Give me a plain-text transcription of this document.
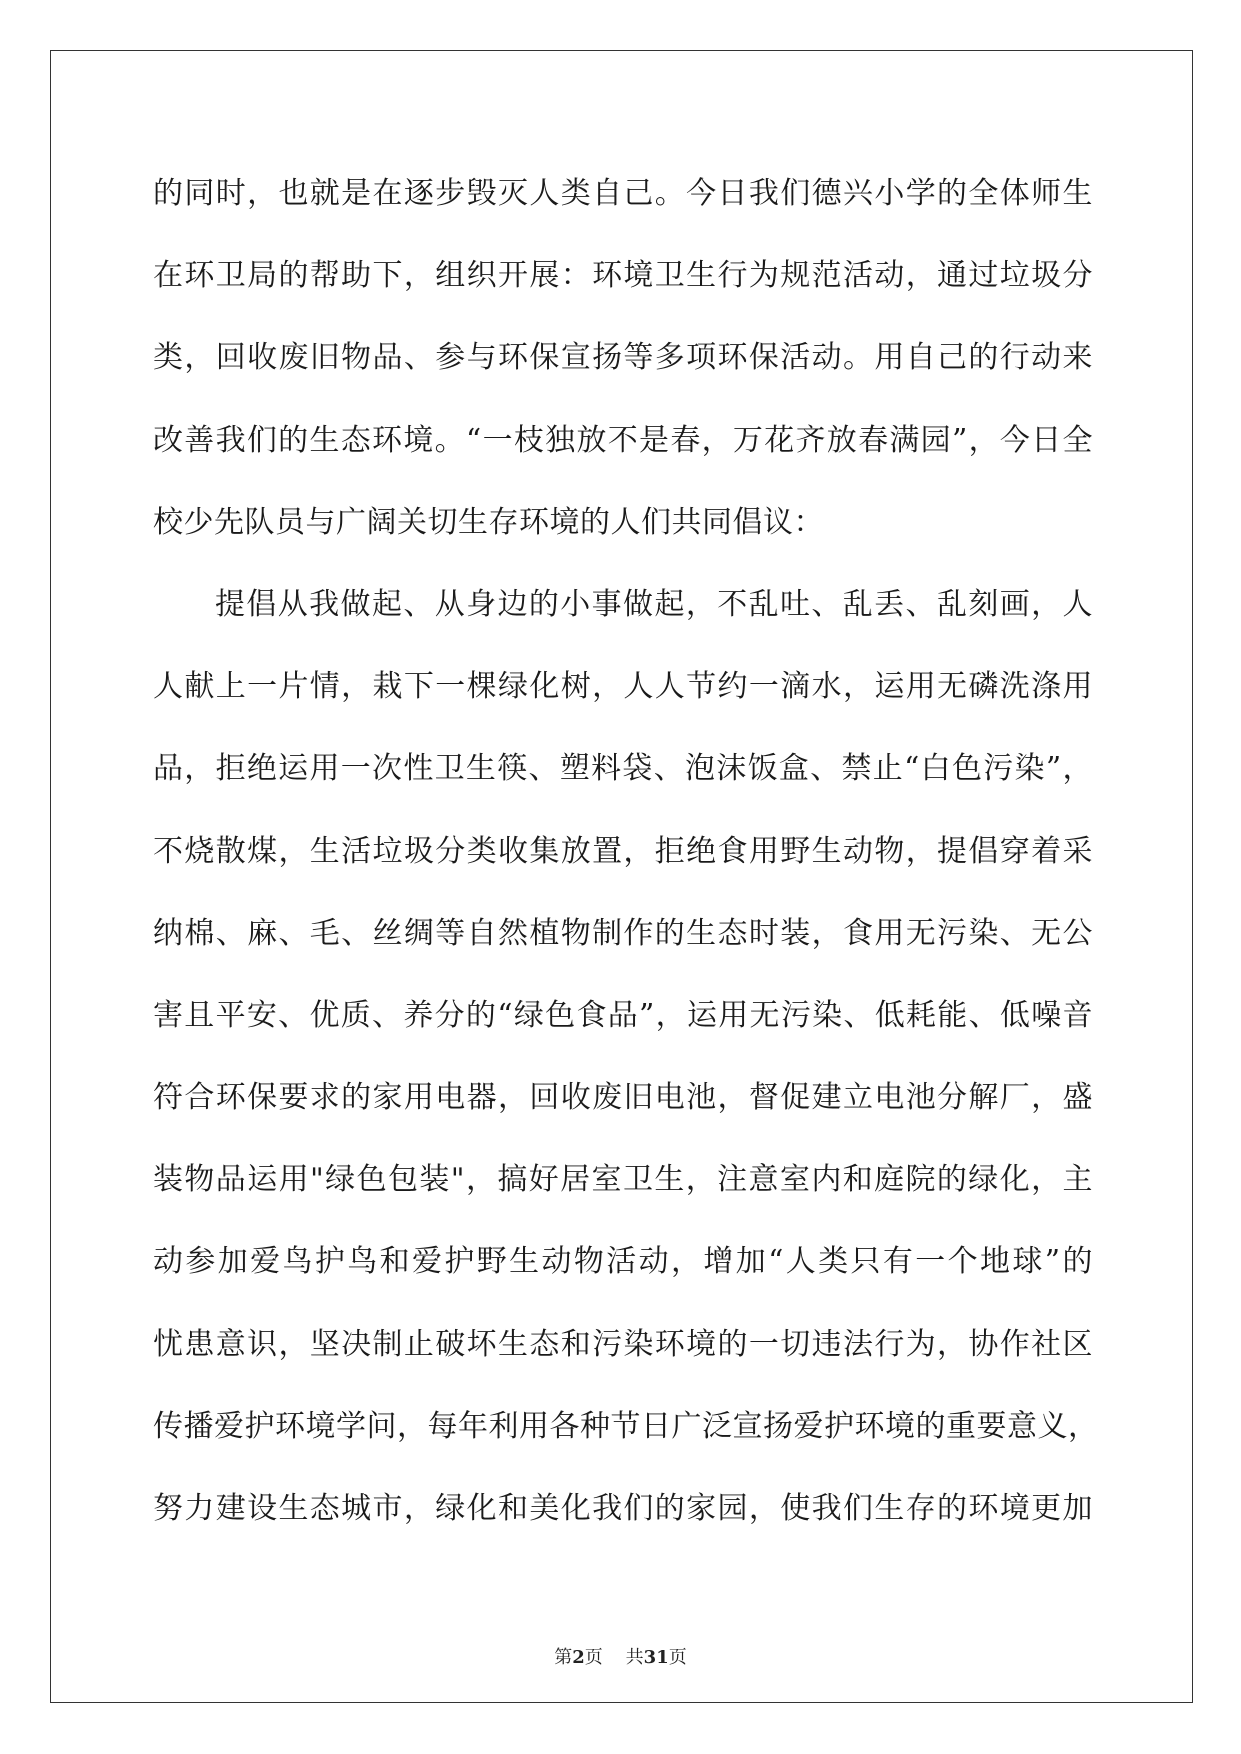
的同时，也就是在逐步毁灭人类自己。今日我们德兴小学的全体师生
在环卫局的帮助下，组织开展：环境卫生行为规范活动，通过垃圾分
类，回收废旧物品、参与环保宣扬等多项环保活动。用自己的行动来
改善我们的生态环境。“一枝独放不是春，万花齐放春满园”，今日全
校少先队员与广阔关切生存环境的人们共同倡议：
提倡从我做起、从身边的小事做起，不乱吐、乱丢、乱刻画，人
人献上一片情，栽下一棵绿化树，人人节约一滴水，运用无磷洗涤用
品，拒绝运用一次性卫生筷、塑料袋、泡沫饭盒、禁止“白色污染”，
不烧散煤，生活垃圾分类收集放置，拒绝食用野生动物，提倡穿着采
纳棉、麻、毛、丝绸等自然植物制作的生态时装，食用无污染、无公
害且平安、优质、养分的“绿色食品”，运用无污染、低耗能、低噪音
符合环保要求的家用电器，回收废旧电池，督促建立电池分解厂，盛
装物品运用"绿色包装"，搞好居室卫生，注意室内和庭院的绿化，主
动参加爱鸟护鸟和爱护野生动物活动，增加“人类只有一个地球”的
忧患意识，坚决制止破坏生态和污染环境的一切违法行为，协作社区
传播爱护环境学问，每年利用各种节日广泛宣扬爱护环境的重要意义，
努力建设生态城市，绿化和美化我们的家园，使我们生存的环境更加
第2页 共31页
